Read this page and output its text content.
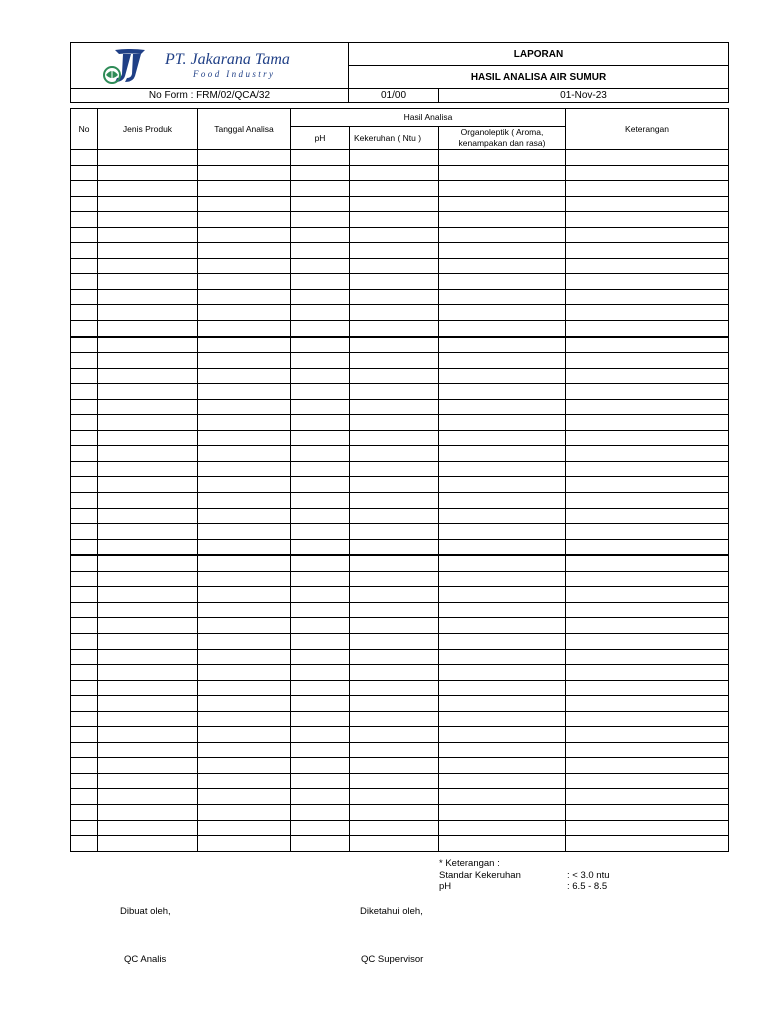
PT. Jakarana Tama
Food Industry	LAPORAN	
	HASIL ANALISA AIR SUMUR	
No Form : FRM/02/QCA/32	01/00	01-Nov-23
No	Jenis Produk	Tanggal Analisa	Hasil Analisa			Keterangan
			pH	Kekeruhan ( Ntu )	Organoleptik ( Aroma, kenampakan dan rasa)	

* Keterangan :
Standar Kekeruhan	: < 3.0 ntu
pH	: 6.5 - 8.5
Dibuat oleh,	Diketahui oleh,
QC Analis	QC Supervisor
